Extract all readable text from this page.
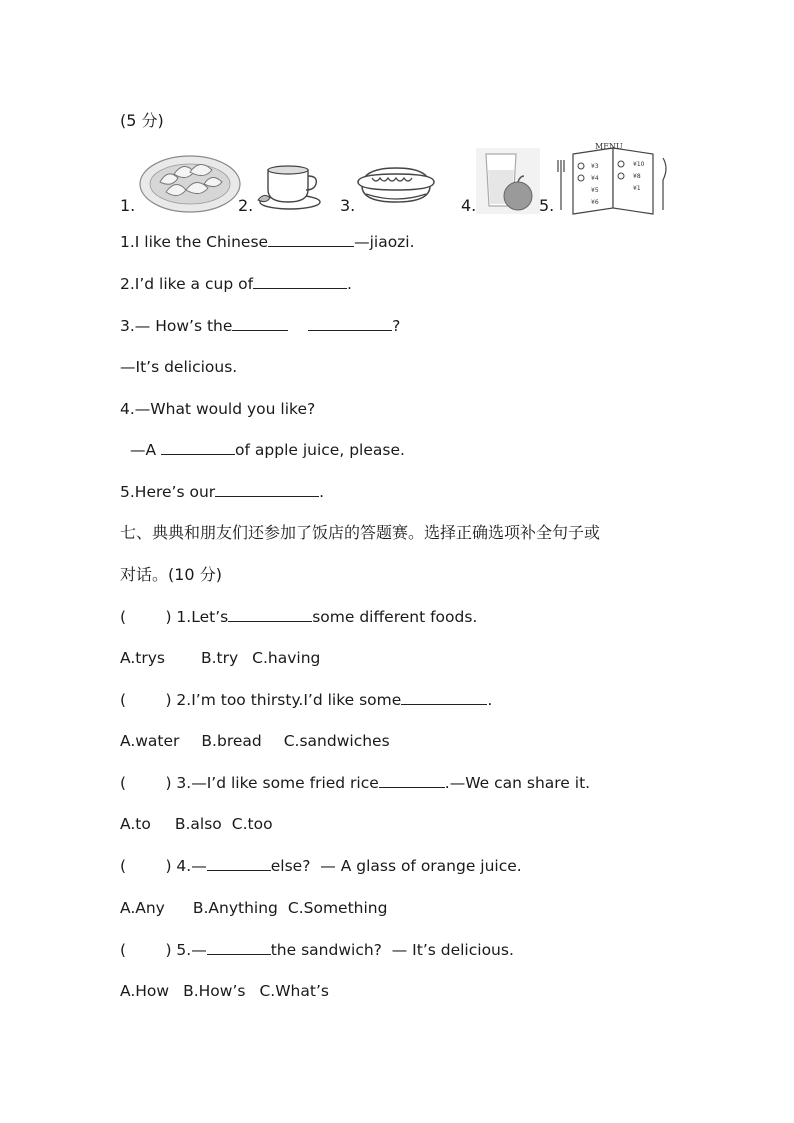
(5 分)
1.	2.	3.	4.	5.
MENU
¥3
¥4
¥5
¥6
¥10
¥8
¥1
1.I like the Chinese	—jiaozi.
2.I’d like a cup of	.
3.— How’s the	?
—It’s delicious.
4.—What would you like?
—A	of apple juice, please.
5.Here’s our	.
七、典典和朋友们还参加了饭店的答题赛。选择正确选项补全句子或
对话。(10 分)
(        ) 1.Let’s	some different foods.
A.trys B.try C.having
(        ) 2.I’m too thirsty.I’d like some	.
A.water B.bread C.sandwiches
(        ) 3.—I’d like some fried rice	.—We can share it.
A.to B.also C.too
(        ) 4.—	else?  — A glass of orange juice.
A.Any B.Anything C.Something
(        ) 5.—	the sandwich?  — It’s delicious.
A.How B.How’s C.What’s
